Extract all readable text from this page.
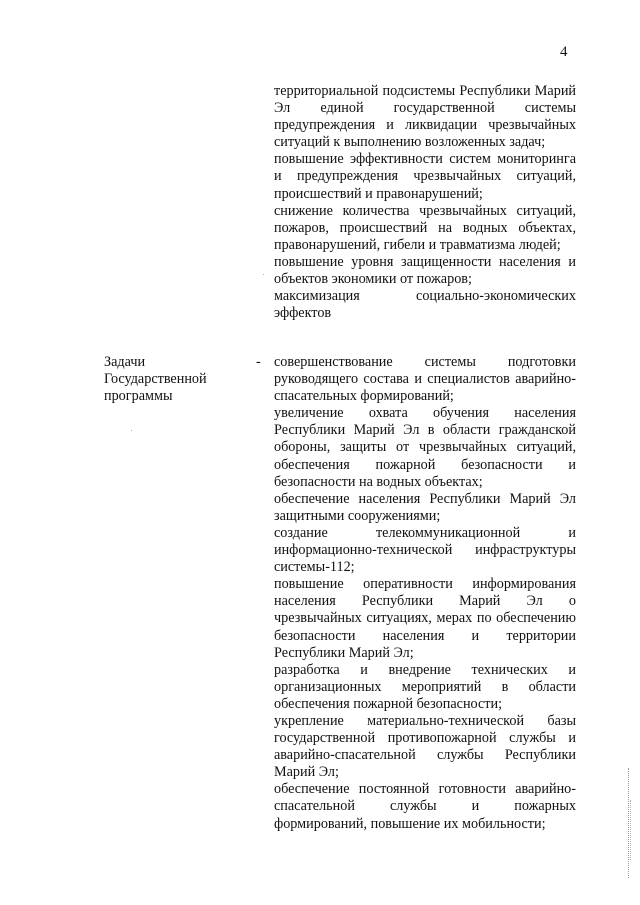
4

территориальной подсистемы Республики Марий Эл единой государственной системы предупреждения и ликвидации чрезвычайных ситуаций к выполнению возложенных задач;

повышение эффективности систем мониторинга и предупреждения чрезвычайных ситуаций, происшествий и правонарушений;

снижение количества чрезвычайных ситуаций, пожаров, происшествий на водных объектах, правонарушений, гибели и травматизма людей;

повышение уровня защищенности населения и объектов экономики от пожаров;

максимизация социально-экономических эффектов

Задачи
Государственной
программы
- совершенствование системы подготовки руководящего состава и специалистов аварийно-спасательных формирований;

увеличение охвата обучения населения Республики Марий Эл в области гражданской обороны, защиты от чрезвычайных ситуаций, обеспечения пожарной безопасности и безопасности на водных объектах;

обеспечение населения Республики Марий Эл защитными сооружениями;

создание телекоммуникационной и информационно-технической инфраструктуры системы-112;

повышение оперативности информирования населения Республики Марий Эл о чрезвычайных ситуациях, мерах по обеспечению безопасности населения и территории Республики Марий Эл;

разработка и внедрение технических и организационных мероприятий в области обеспечения пожарной безопасности;

укрепление материально-технической базы государственной противопожарной службы и аварийно-спасательной службы Республики Марий Эл;

обеспечение постоянной готовности аварийно-спасательной службы и пожарных формирований, повышение их мобильности;
